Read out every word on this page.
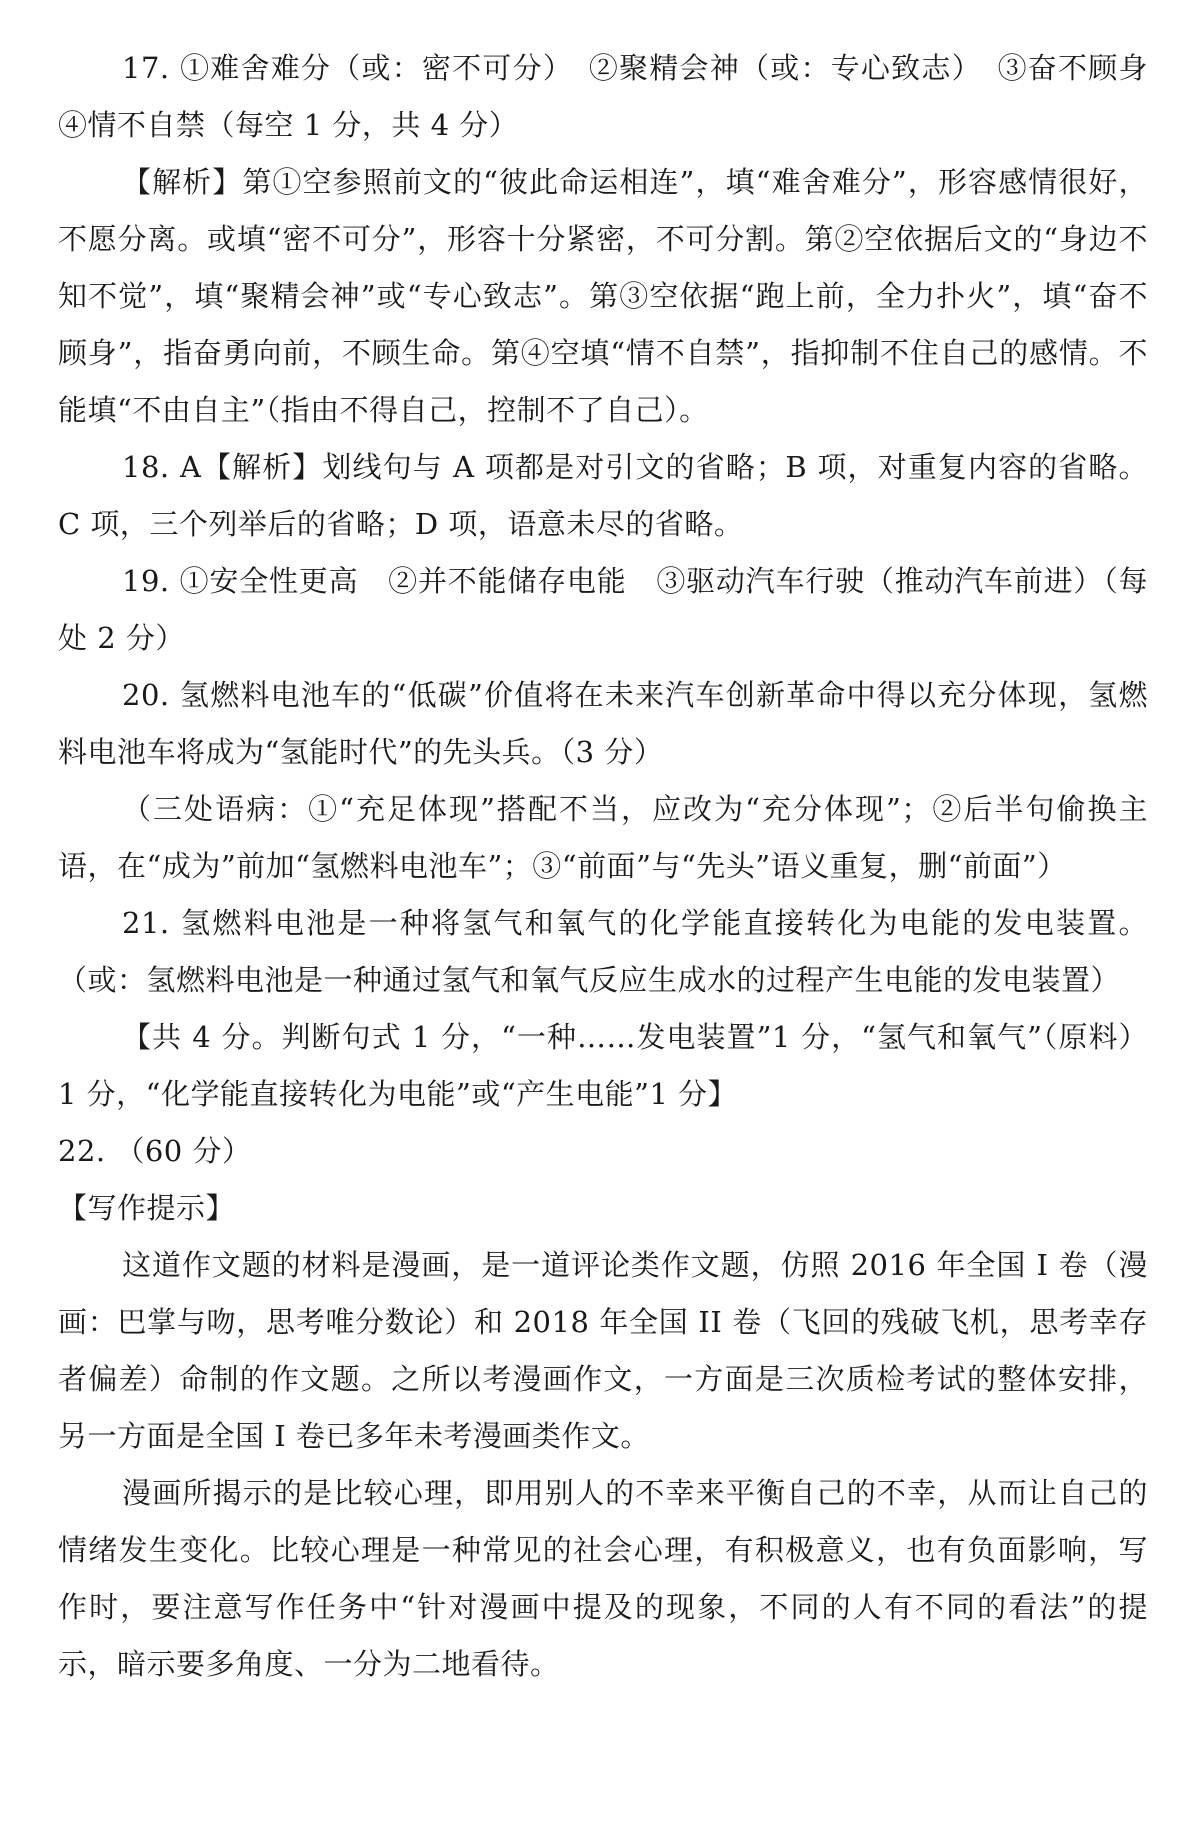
17. ①难舍难分（或：密不可分）　②聚精会神（或：专心致志）　③奋不顾身　④情不自禁（每空 1 分，共 4 分）

【解析】第①空参照前文的“彼此命运相连”，填“难舍难分”，形容感情很好，不愿分离。或填“密不可分”，形容十分紧密，不可分割。第②空依据后文的“身边不知不觉”，填“聚精会神”或“专心致志”。第③空依据“跑上前，全力扑火”，填“奋不顾身”，指奋勇向前，不顾生命。第④空填“情不自禁”，指抑制不住自己的感情。不能填“不由自主”（指由不得自己，控制不了自己）。

18. A【解析】划线句与 A 项都是对引文的省略；B 项，对重复内容的省略。C 项，三个列举后的省略；D 项，语意未尽的省略。

19. ①安全性更高　②并不能储存电能　③驱动汽车行驶（推动汽车前进）（每处 2 分）

20. 氢燃料电池车的“低碳”价值将在未来汽车创新革命中得以充分体现，氢燃料电池车将成为“氢能时代”的先头兵。（3 分）

（三处语病：①“充足体现”搭配不当，应改为“充分体现”；②后半句偷换主语，在“成为”前加“氢燃料电池车”；③“前面”与“先头”语义重复，删“前面”）

21. 氢燃料电池是一种将氢气和氧气的化学能直接转化为电能的发电装置。（或：氢燃料电池是一种通过氢气和氧气反应生成水的过程产生电能的发电装置）

【共 4 分。判断句式 1 分，“一种……发电装置”1 分，“氢气和氧气”（原料）1 分，“化学能直接转化为电能”或“产生电能”1 分】

22. （60 分）

【写作提示】

这道作文题的材料是漫画，是一道评论类作文题，仿照 2016 年全国 I 卷（漫画：巴掌与吻，思考唯分数论）和 2018 年全国 II 卷（飞回的残破飞机，思考幸存者偏差）命制的作文题。之所以考漫画作文，一方面是三次质检考试的整体安排，另一方面是全国 I 卷已多年未考漫画类作文。

漫画所揭示的是比较心理，即用别人的不幸来平衡自己的不幸，从而让自己的情绪发生变化。比较心理是一种常见的社会心理，有积极意义，也有负面影响，写作时，要注意写作任务中“针对漫画中提及的现象，不同的人有不同的看法”的提示，暗示要多角度、一分为二地看待。
